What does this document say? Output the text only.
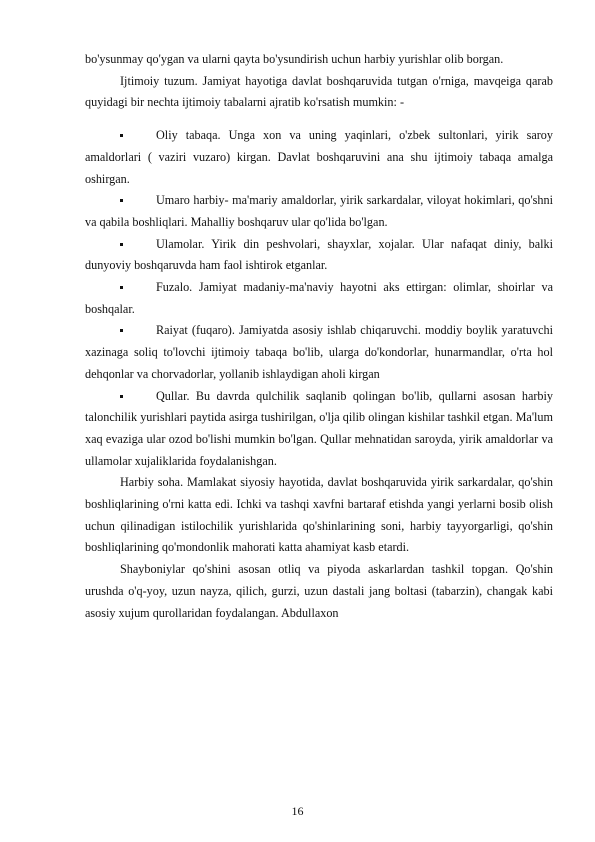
bo'ysunmay qo'ygan va ularni qayta bo'ysundirish uchun harbiy yurishlar olib borgan.

Ijtimoiy tuzum. Jamiyat hayotiga davlat boshqaruvida tutgan o'rniga, mavqeiga qarab quyidagi bir nechta ijtimoiy tabalarni ajratib ko'rsatish mumkin: -

Oliy tabaqa. Unga xon va uning yaqinlari, o'zbek sultonlari, yirik saroy amaldorlari ( vaziri vuzaro) kirgan. Davlat boshqaruvini ana shu ijtimoiy tabaqa amalga oshirgan.

Umaro harbiy- ma'mariy amaldorlar, yirik sarkardalar, viloyat hokimlari, qo'shni va qabila boshliqlari. Mahalliy boshqaruv ular qo'lida bo'lgan.

Ulamolar. Yirik din peshvolari, shayxlar, xojalar. Ular nafaqat diniy, balki dunyoviy boshqaruvda ham faol ishtirok etganlar.

Fuzalo. Jamiyat madaniy-ma'naviy hayotni aks ettirgan: olimlar, shoirlar va boshqalar.

Raiyat (fuqaro). Jamiyatda asosiy ishlab chiqaruvchi. moddiy boylik yaratuvchi xazinaga soliq to'lovchi ijtimoiy tabaqa bo'lib, ularga do'kondorlar, hunarmandlar, o'rta hol dehqonlar va chorvadorlar, yollanib ishlaydigan aholi kirgan

Qullar. Bu davrda qulchilik saqlanib qolingan bo'lib, qullarni asosan harbiy talonchilik yurishlari paytida asirga tushirilgan, o'lja qilib olingan kishilar tashkil etgan. Ma'lum xaq evaziga ular ozod bo'lishi mumkin bo'lgan. Qullar mehnatidan saroyda, yirik amaldorlar va ullamolar xujaliklarida foydalanishgan.

Harbiy soha. Mamlakat siyosiy hayotida, davlat boshqaruvida yirik sarkardalar, qo'shin boshliqlarining o'rni katta edi. Ichki va tashqi xavfni bartaraf etishda yangi yerlarni bosib olish uchun qilinadigan istilochilik yurishlarida qo'shinlarining soni, harbiy tayyorgarligi, qo'shin boshliqlarining qo'mondonlik mahorati katta ahamiyat kasb etardi.

Shayboniylar qo'shini asosan otliq va piyoda askarlardan tashkil topgan. Qo'shin urushda o'q-yoy, uzun nayza, qilich, gurzi, uzun dastali jang boltasi (tabarzin), changak kabi asosiy xujum qurollaridan foydalangan. Abdullaxon

16
